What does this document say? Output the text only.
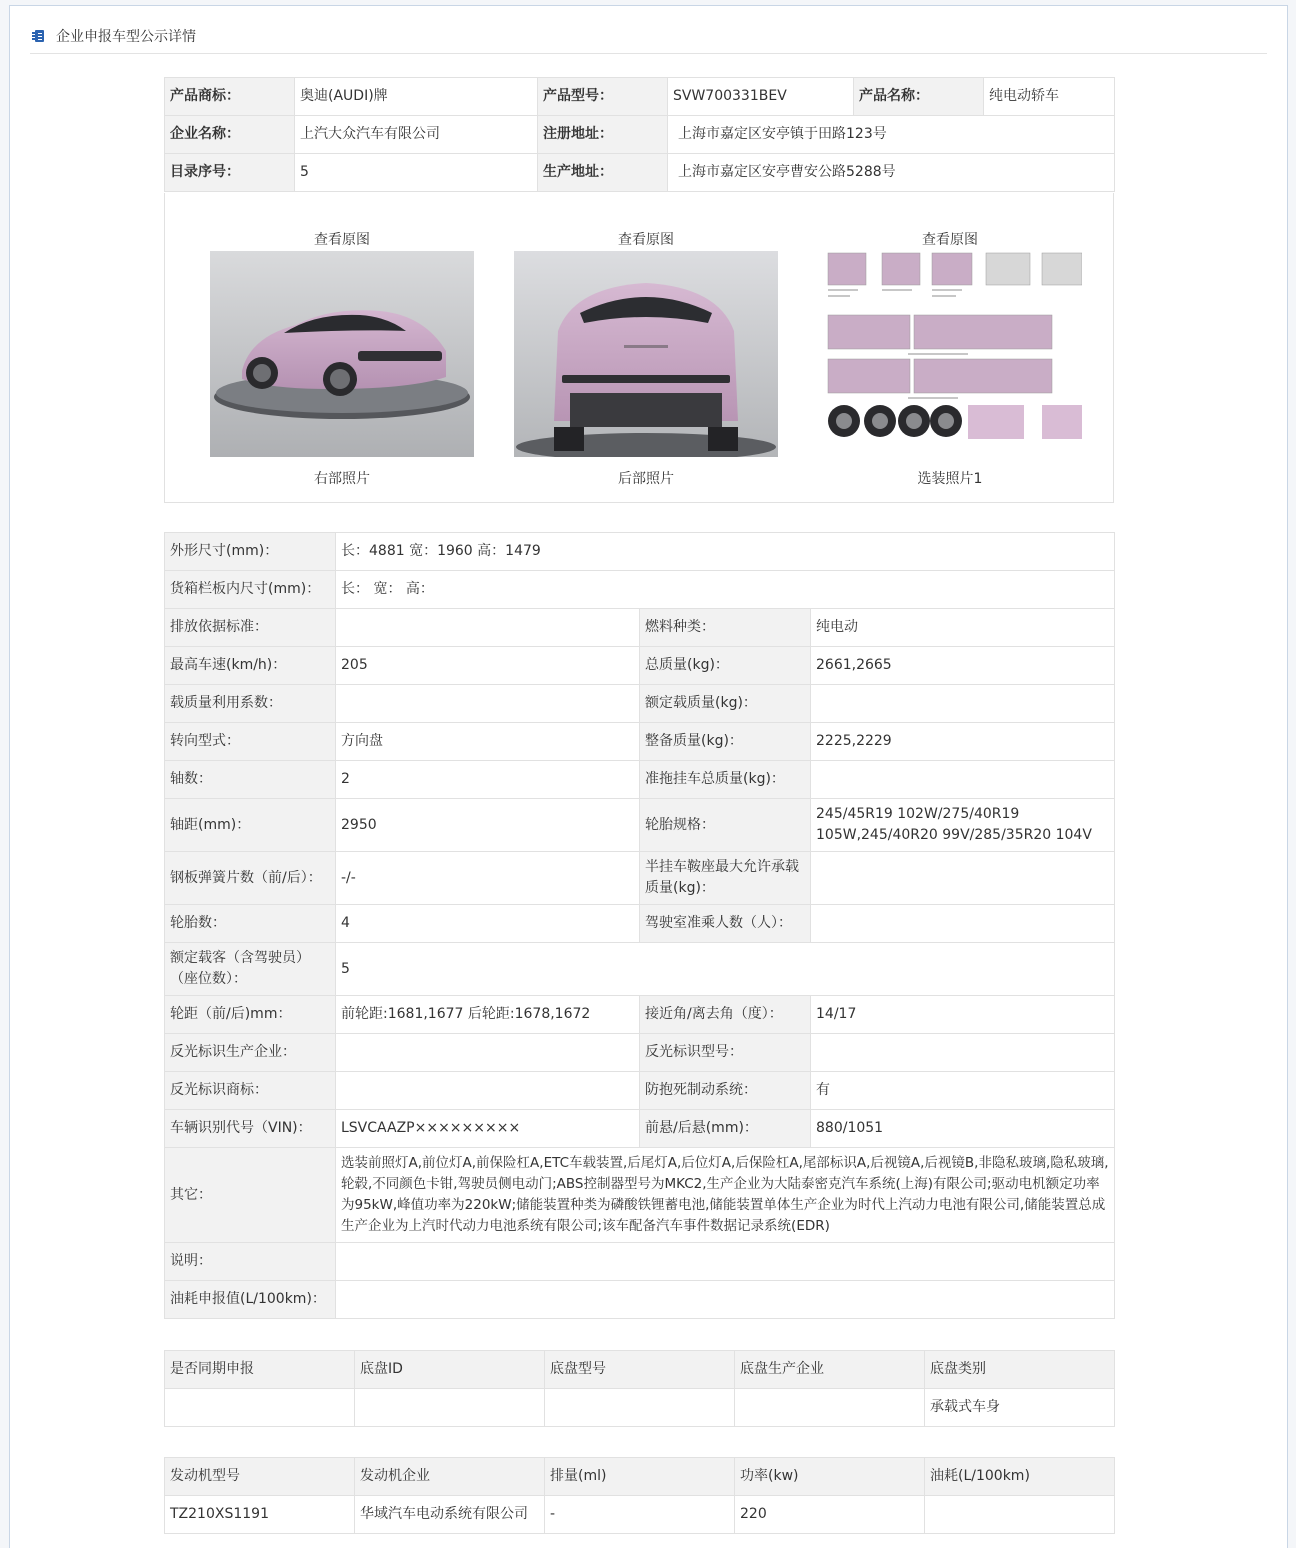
企业申报车型公示详情
产品商标：	奥迪(AUDI)牌	产品型号：	SVW700331BEV	产品名称：	纯电动轿车
企业名称：	上汽大众汽车有限公司	注册地址：	上海市嘉定区安亭镇于田路123号		
目录序号：	5	生产地址：	上海市嘉定区安亭曹安公路5288号		
查看原图
右部照片
查看原图
后部照片
查看原图
选装照片1
外形尺寸(mm)：	长：4881 宽：1960 高：1479		
货箱栏板内尺寸(mm)：	长： 宽： 高：		
排放依据标准：		燃料种类：	纯电动
最高车速(km/h)：	205	总质量(kg)：	2661,2665
载质量利用系数：		额定载质量(kg)：	
转向型式：	方向盘	整备质量(kg)：	2225,2229
轴数：	2	准拖挂车总质量(kg)：	
轴距(mm)：	2950	轮胎规格：	245/45R19 102W/275/40R19 105W,245/40R20 99V/285/35R20 104V
钢板弹簧片数（前/后）：	-/-	半挂车鞍座最大允许承载质量(kg)：	
轮胎数：	4	驾驶室准乘人数（人）：	
额定载客（含驾驶员）（座位数）：	5		
轮距（前/后)mm：	前轮距:1681,1677 后轮距:1678,1672	接近角/离去角（度）：	14/17
反光标识生产企业：		反光标识型号：	
反光标识商标：		防抱死制动系统：	有
车辆识别代号（VIN)：	LSVCAAZP×××××××××	前悬/后悬(mm)：	880/1051
其它：	选装前照灯A,前位灯A,前保险杠A,ETC车载装置,后尾灯A,后位灯A,后保险杠A,尾部标识A,后视镜A,后视镜B,非隐私玻璃,隐私玻璃,轮毂,不同颜色卡钳,驾驶员侧电动门;ABS控制器型号为MKC2,生产企业为大陆泰密克汽车系统(上海)有限公司;驱动电机额定功率为95kW,峰值功率为220kW;储能装置种类为磷酸铁锂蓄电池,储能装置单体生产企业为时代上汽动力电池有限公司,储能装置总成生产企业为上汽时代动力电池系统有限公司;该车配备汽车事件数据记录系统(EDR)		
说明：			
油耗申报值(L/100km)：			
是否同期申报	底盘ID	底盘型号	底盘生产企业	底盘类别
				承载式车身
发动机型号	发动机企业	排量(ml)	功率(kw)	油耗(L/100km)
TZ210XS1191	华域汽车电动系统有限公司	-	220	
